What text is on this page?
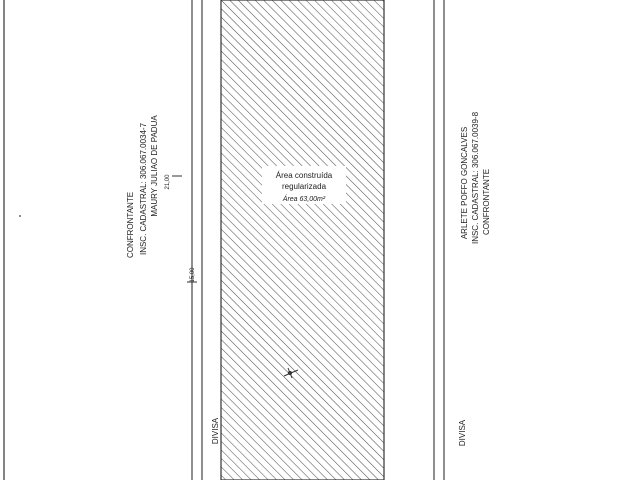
CONFRONTANTE INSC. CADASTRAL: 306.067.0034-7 MAURY JULIAO DE PADUA 21,00
15,00
DIVISA	DIVISA
Área construída
regularizada
Área 63,00m²	ARLETE POFFO GONCALVES INSC. CADASTRAL: 306.067.0039-8 CONFRONTANTE
